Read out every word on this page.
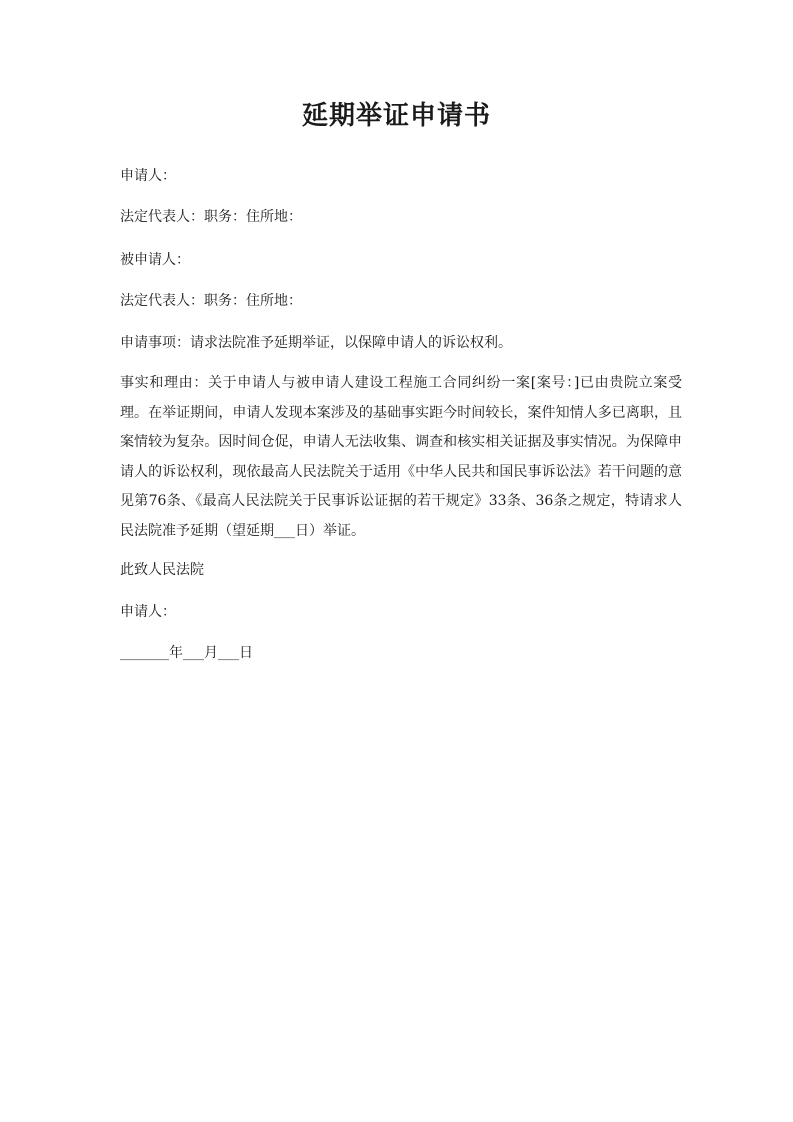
延期举证申请书

申请人：

法定代表人：职务：住所地：

被申请人：

法定代表人：职务：住所地：

申请事项：请求法院准予延期举证，以保障申请人的诉讼权利。

事实和理由：关于申请人与被申请人建设工程施工合同纠纷一案[案号：]已由贵院立案受理。在举证期间，申请人发现本案涉及的基础事实距今时间较长，案件知情人多已离职，且案情较为复杂。因时间仓促，申请人无法收集、调查和核实相关证据及事实情况。为保障申请人的诉讼权利，现依最高人民法院关于适用《中华人民共和国民事诉讼法》若干问题的意见第76条、《最高人民法院关于民事诉讼证据的若干规定》33条、36条之规定，特请求人民法院准予延期（望延期___日）举证。

此致人民法院

申请人：

_______年___月___日
